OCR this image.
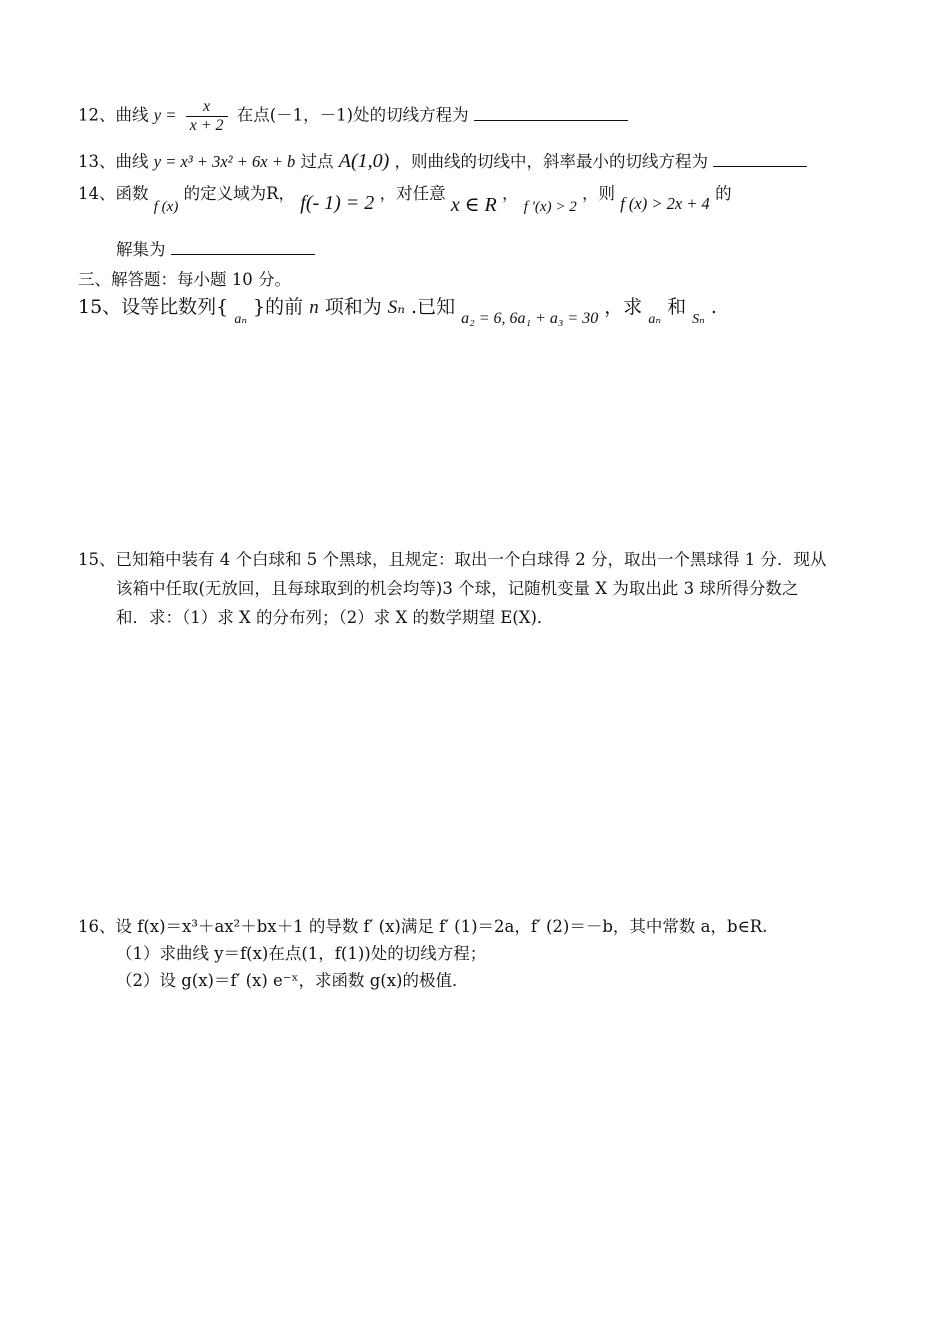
12、曲线 $y = \frac{x}{x + 2}$ 在点(－1，－1)处的切线方程为
13、曲线 y = x³ + 3x² + 6x + b 过点 A(1,0) ，则曲线的切线中，斜率最小的切线方程为
14、函数 f (x) 的定义域为R， f(- 1) = 2 ，对任意 x ∈ R ， f ′(x) > 2 ，则 f (x) > 2x + 4 的
解集为
三、解答题：每小题 10 分。
15、设等比数列{ $_{a_n}$ }的前 n 项和为 Sₙ .已知 $_{a_2 = 6, 6a_1 + a_3 = 30}$ ，求 $_{a_n}$ 和 $_{S_n}$ .
15、已知箱中装有 4 个白球和 5 个黑球，且规定：取出一个白球得 2 分，取出一个黑球得 1 分．现从
该箱中任取(无放回，且每球取到的机会均等)3 个球，记随机变量 X 为取出此 3 球所得分数之
和．求：（1）求 X 的分布列；（2）求 X 的数学期望 E(X)．
16、设 f(x)＝x³＋ax²＋bx＋1 的导数 f′ (x)满足 f′ (1)＝2a，f′ (2)＝－b，其中常数 a，b∈R.
（1）求曲线 y＝f(x)在点(1，f(1))处的切线方程；
（2）设 g(x)＝f′ (x) e⁻ˣ，求函数 g(x)的极值．
